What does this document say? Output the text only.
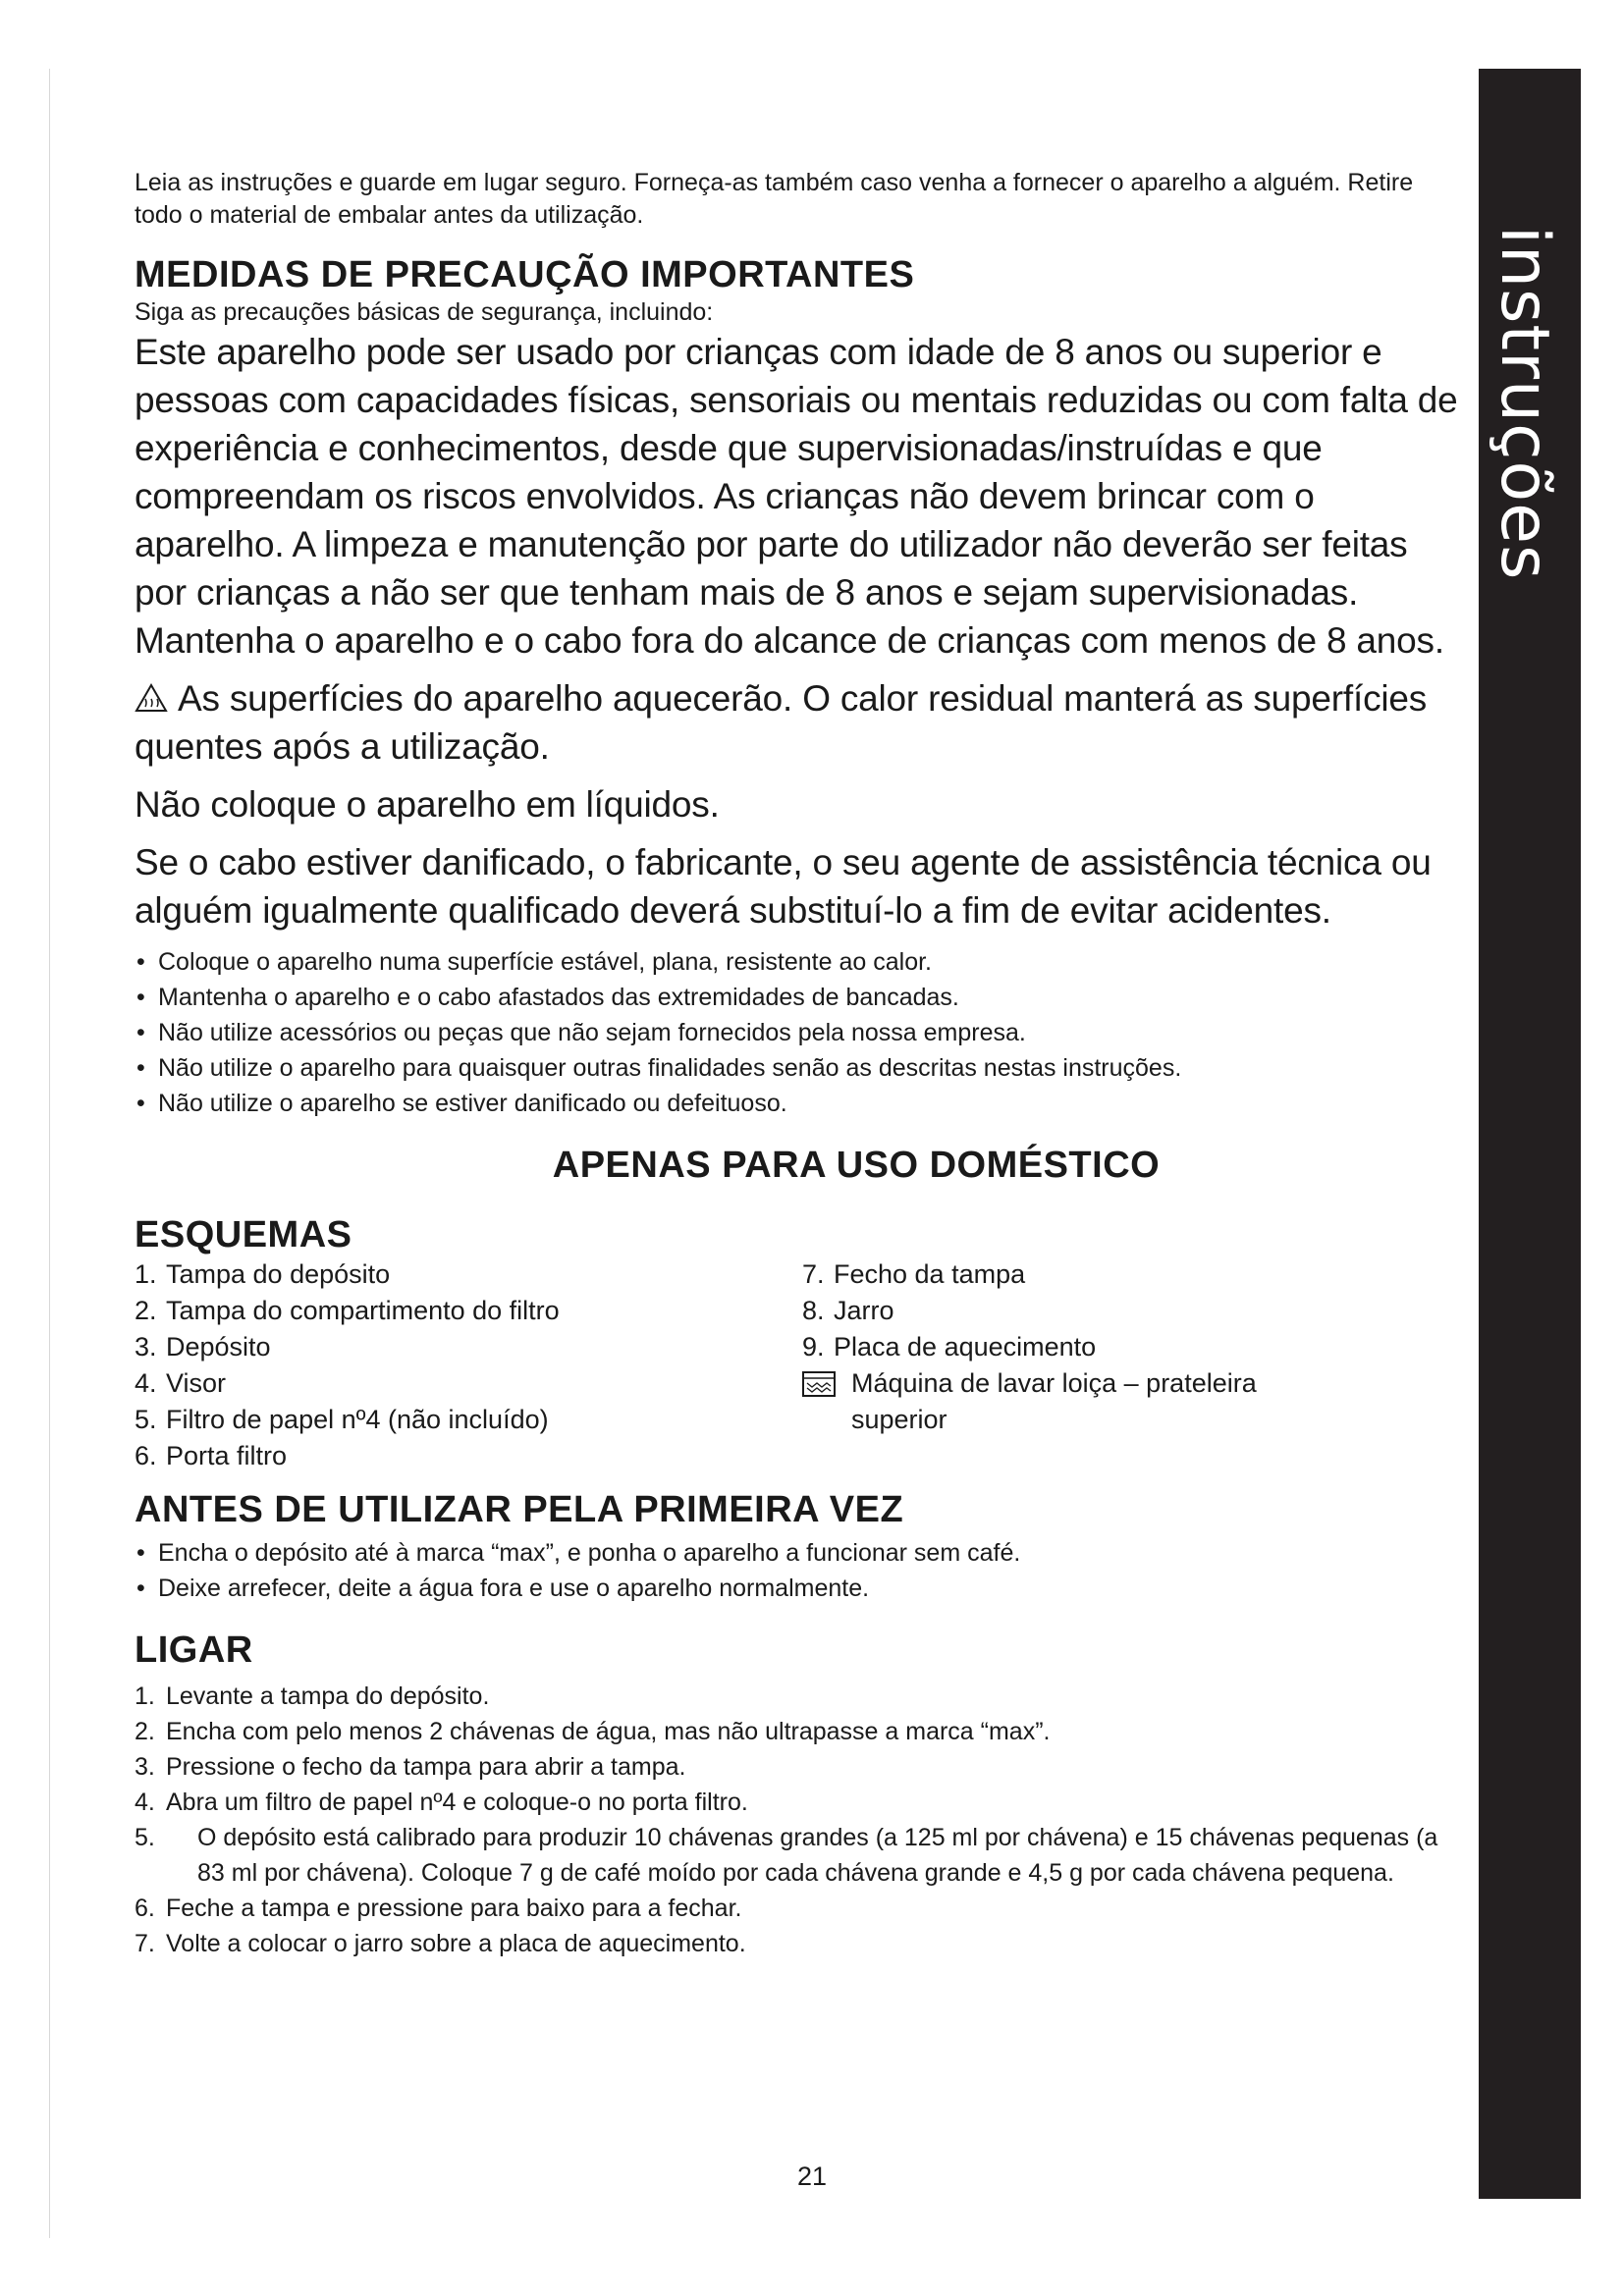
instruções

Leia as instruções e guarde em lugar seguro. Forneça-as também caso venha a fornecer o aparelho a alguém. Retire todo o material de embalar antes da utilização.

MEDIDAS DE PRECAUÇÃO IMPORTANTES

Siga as precauções básicas de segurança, incluindo:

Este aparelho pode ser usado por crianças com idade de 8 anos ou superior e pessoas com capacidades físicas, sensoriais ou mentais reduzidas ou com falta de experiência e conhecimentos, desde que supervisionadas/instruídas e que compreendam os riscos envolvidos. As crianças não devem brincar com o aparelho. A limpeza e manutenção por parte do utilizador não deverão ser feitas por crianças a não ser que tenham mais de 8 anos e sejam supervisionadas. Mantenha o aparelho e o cabo fora do alcance de crianças com menos de 8 anos.

As superfícies do aparelho aquecerão. O calor residual manterá as superfícies quentes após a utilização.

Não coloque o aparelho em líquidos.

Se o cabo estiver danificado, o fabricante, o seu agente de assistência técnica ou alguém igualmente qualificado deverá substituí-lo a fim de evitar acidentes.

• Coloque o aparelho numa superfície estável, plana, resistente ao calor.
• Mantenha o aparelho e o cabo afastados das extremidades de bancadas.
• Não utilize acessórios ou peças que não sejam fornecidos pela nossa empresa.
• Não utilize o aparelho para quaisquer outras finalidades senão as descritas nestas instruções.
• Não utilize o aparelho se estiver danificado ou defeituoso.
APENAS PARA USO DOMÉSTICO
ESQUEMAS
1. Tampa do depósito
2. Tampa do compartimento do filtro
3. Depósito
4. Visor
5. Filtro de papel nº4 (não incluído)
6. Porta filtro
7. Fecho da tampa
8. Jarro
9. Placa de aquecimento
Máquina de lavar loiça – prateleira
superior
ANTES DE UTILIZAR PELA PRIMEIRA VEZ
• Encha o depósito até à marca “max”, e ponha o aparelho a funcionar sem café.
• Deixe arrefecer, deite a água fora e use o aparelho normalmente.
LIGAR
1. Levante a tampa do depósito.
2. Encha com pelo menos 2 chávenas de água, mas não ultrapasse a marca “max”.
3. Pressione o fecho da tampa para abrir a tampa.
4. Abra um filtro de papel nº4 e coloque-o no porta filtro.
5.	O depósito está calibrado para produzir 10 chávenas grandes (a 125 ml por chávena) e 15 chávenas pequenas (a 83 ml por chávena). Coloque 7 g de café moído por cada chávena grande e 4,5 g por cada chávena pequena.
6. Feche a tampa e pressione para baixo para a fechar.
7. Volte a colocar o jarro sobre a placa de aquecimento.
21
